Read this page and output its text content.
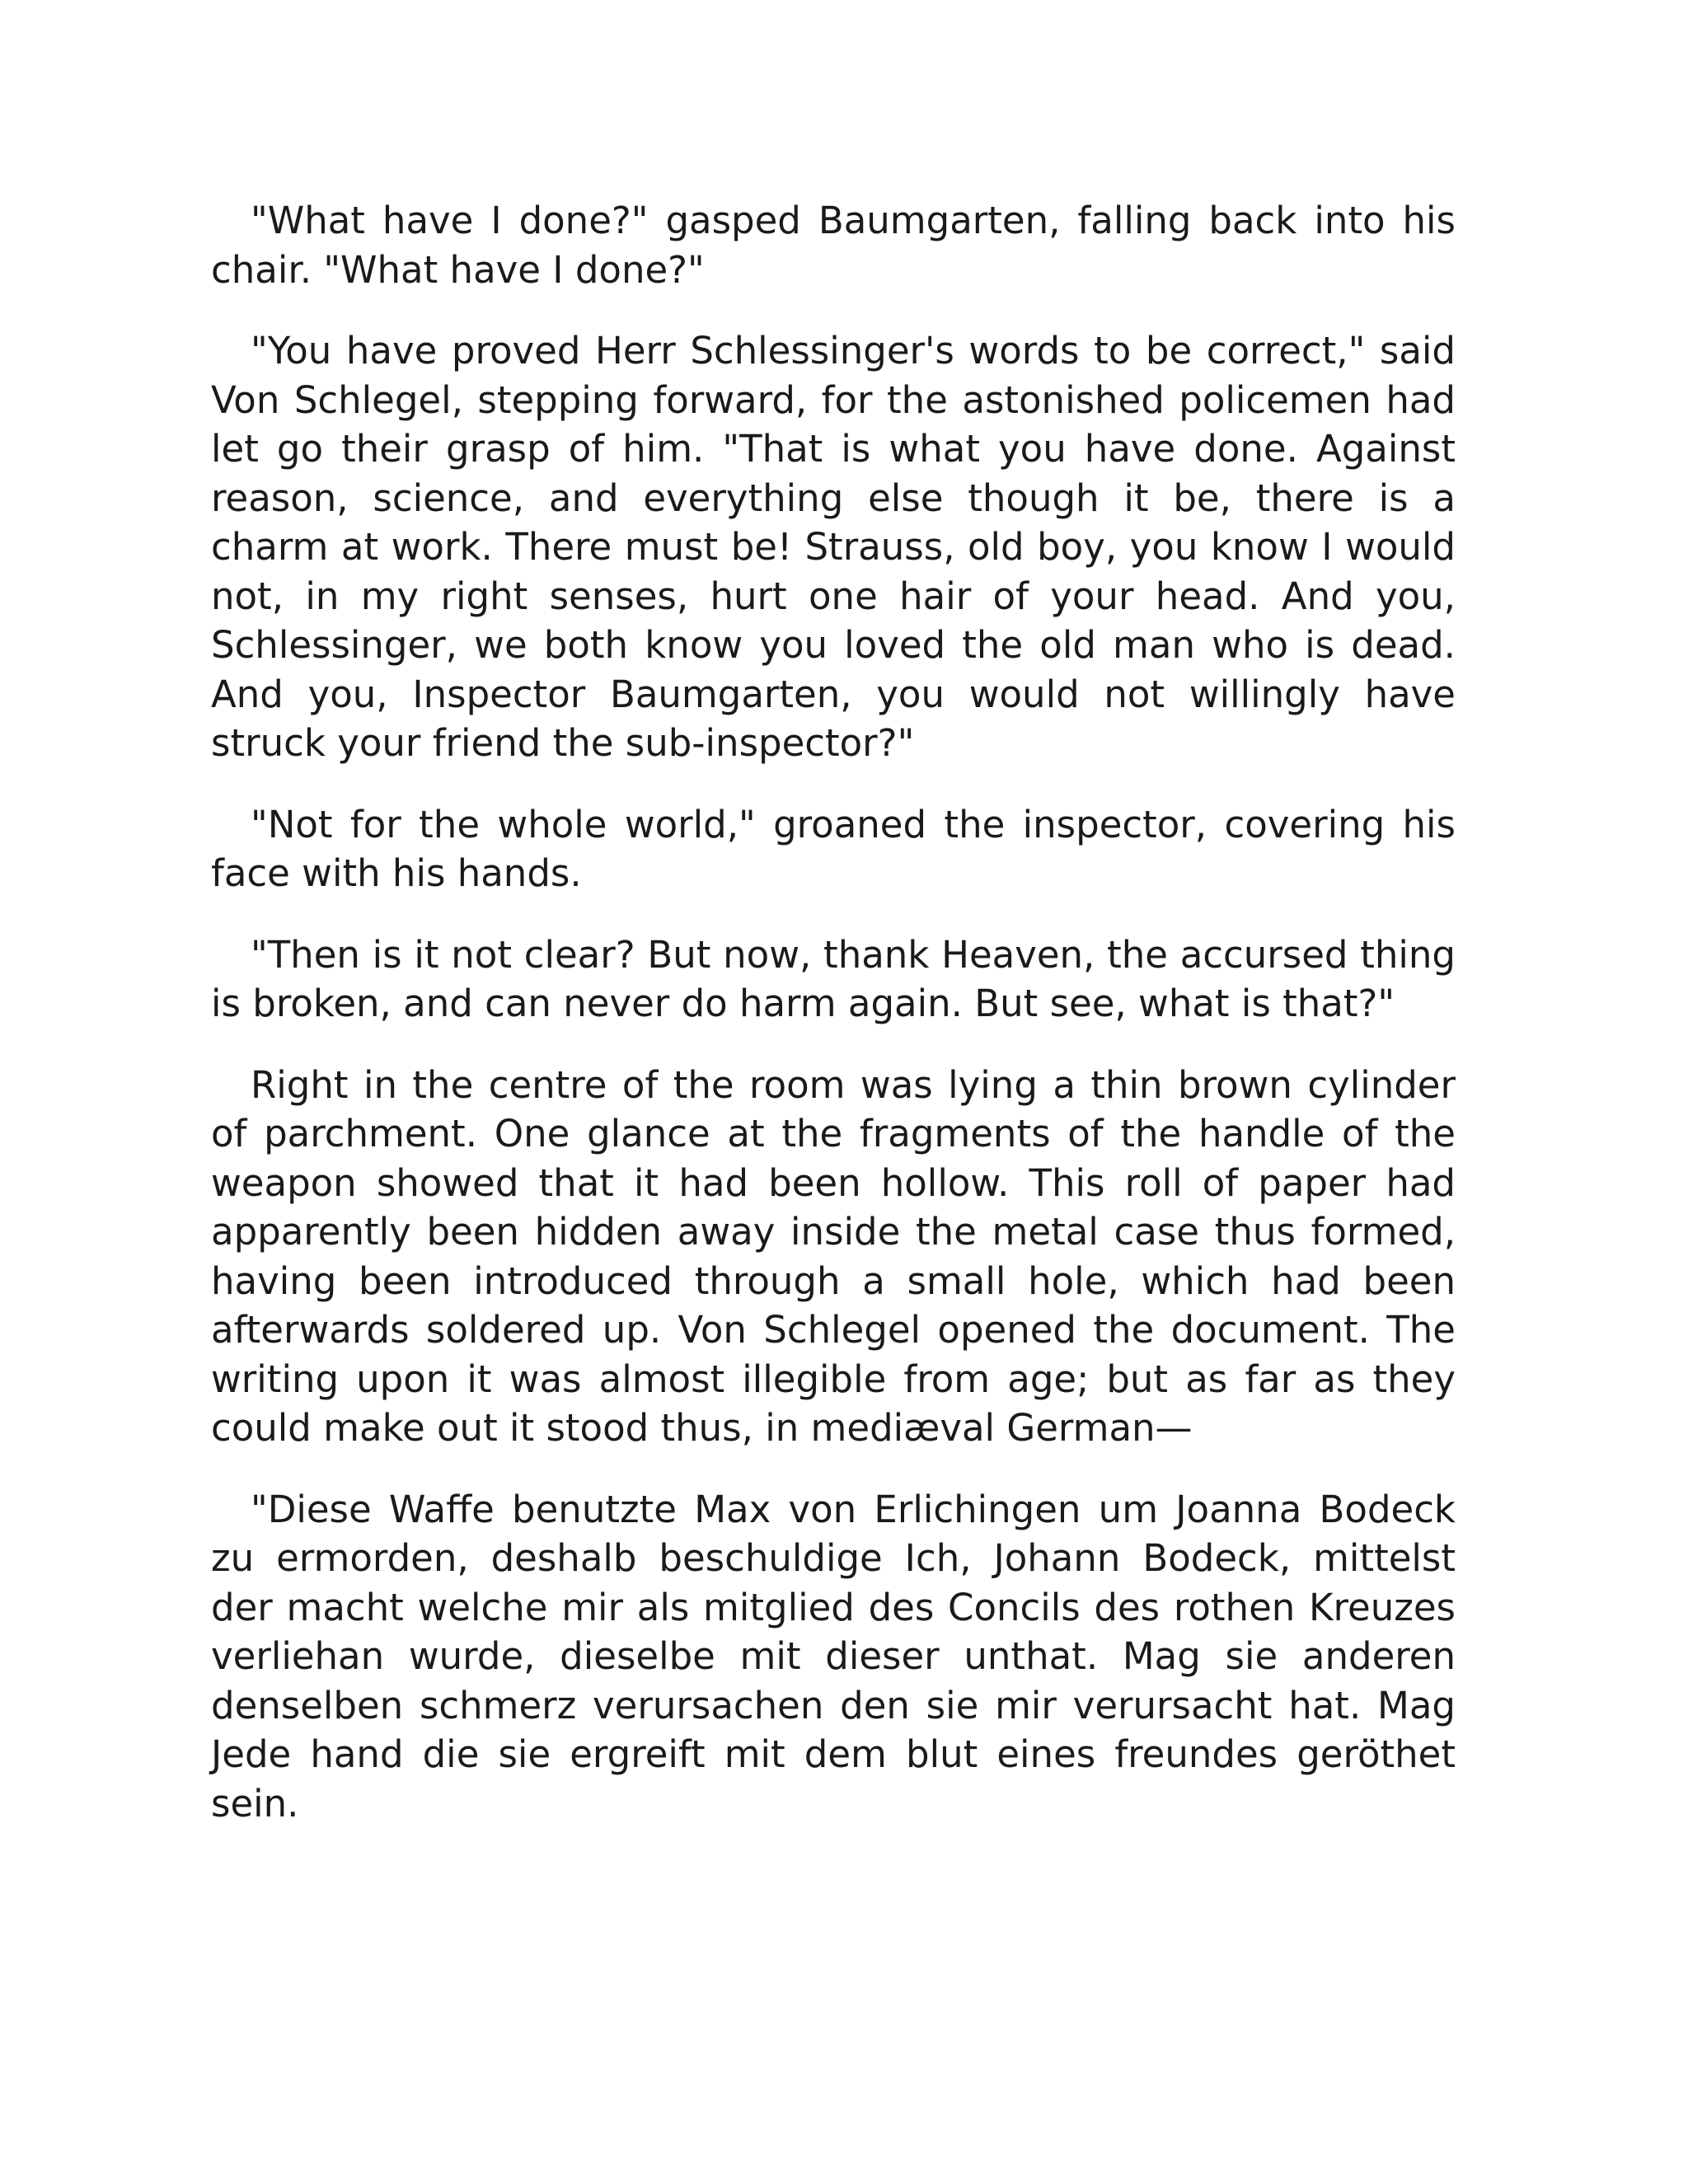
"What have I done?" gasped Baumgarten, falling back into his chair. "What have I done?"

"You have proved Herr Schlessinger's words to be correct," said Von Schlegel, stepping forward, for the astonished policemen had let go their grasp of him. "That is what you have done. Against reason, science, and everything else though it be, there is a charm at work. There must be! Strauss, old boy, you know I would not, in my right senses, hurt one hair of your head. And you, Schlessinger, we both know you loved the old man who is dead. And you, Inspector Baumgarten, you would not willingly have struck your friend the sub-inspector?"

"Not for the whole world," groaned the inspector, covering his face with his hands.

"Then is it not clear? But now, thank Heaven, the accursed thing is broken, and can never do harm again. But see, what is that?"

Right in the centre of the room was lying a thin brown cylinder of parchment. One glance at the fragments of the handle of the weapon showed that it had been hollow. This roll of paper had apparently been hidden away inside the metal case thus formed, having been introduced through a small hole, which had been afterwards soldered up. Von Schlegel opened the document. The writing upon it was almost illegible from age; but as far as they could make out it stood thus, in mediæval German—

"Diese Waffe benutzte Max von Erlichingen um Joanna Bodeck zu ermorden, deshalb beschuldige Ich, Johann Bodeck, mittelst der macht welche mir als mitglied des Concils des rothen Kreuzes verliehan wurde, dieselbe mit dieser unthat. Mag sie anderen denselben schmerz verursachen den sie mir verursacht hat. Mag Jede hand die sie ergreift mit dem blut eines freundes geröthet sein.
